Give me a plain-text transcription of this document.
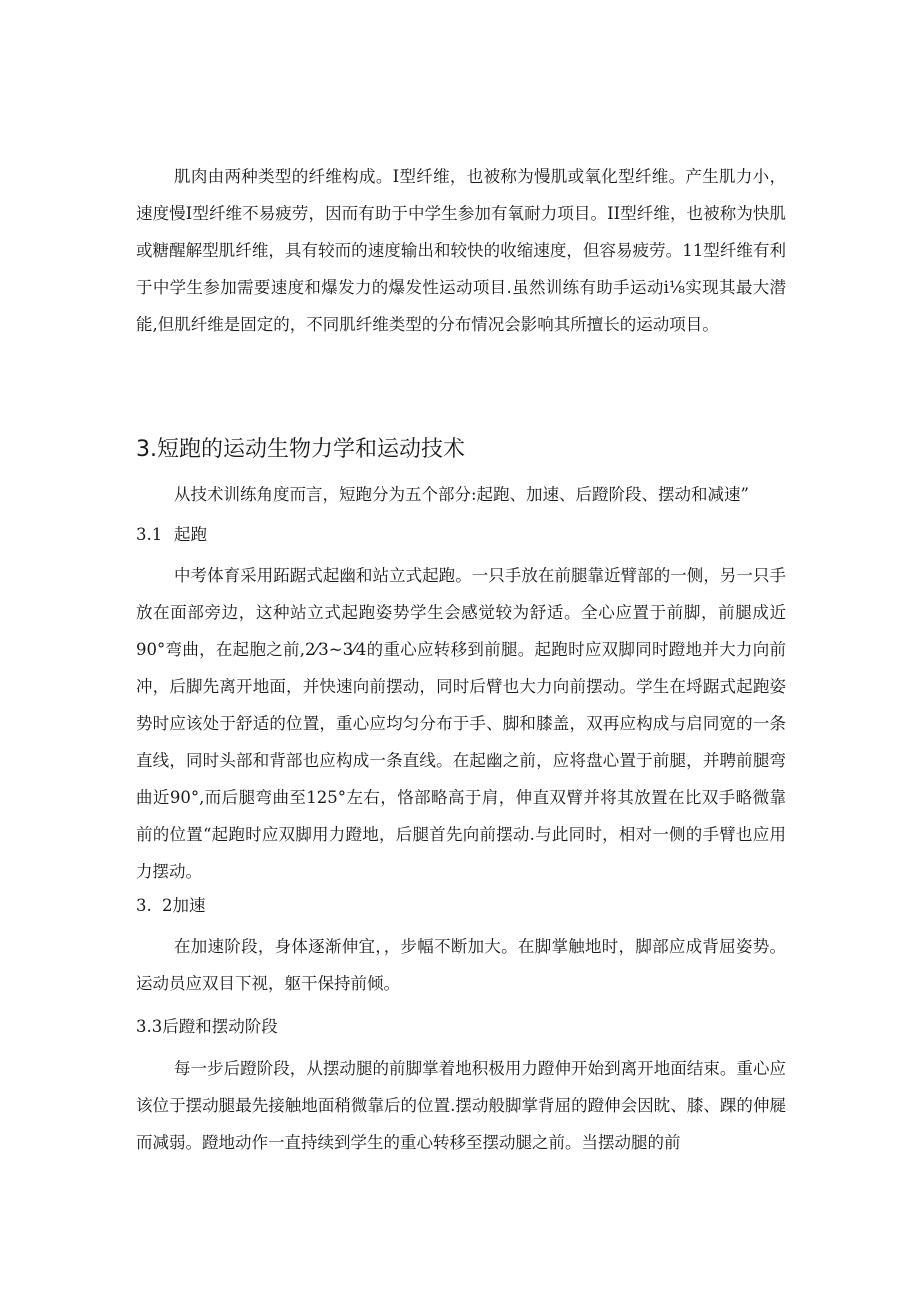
肌肉由两种类型的纤维构成。I型纤维，也被称为慢肌或氧化型纤维。产生肌力小，速度慢I型纤维不易疲劳，因而有助于中学生参加有氧耐力项目。II型纤维，也被称为快肌或糖醒解型肌纤维，具有较而的速度输出和较快的收缩速度，但容易疲劳。11型纤维有利于中学生参加需要速度和爆发力的爆发性运动项目.虽然训练有助手运动i⅛实现其最大潜能,但肌纤维是固定的，不同肌纤维类型的分布情况会影响其所擅长的运动项目。

3.短跑的运动生物力学和运动技术

从技术训练角度而言，短跑分为五个部分:起跑、加速、后蹬阶段、摆动和减速”

3.1 起跑

中考体育采用跖踞式起幽和站立式起跑。一只手放在前腿靠近臂部的一侧，另一只手放在面部旁边，这种站立式起跑姿势学生会感觉较为舒适。全心应置于前脚，前腿成近90°弯曲，在起胞之前,2⁄3~3⁄4的重心应转移到前腿。起跑时应双脚同时蹬地并大力向前冲，后脚先离开地面，并快速向前摆动，同时后臂也大力向前摆动。学生在埒踞式起跑姿势时应该处于舒适的位置，重心应均匀分布于手、脚和膝盖，双再应构成与启同宽的一条直线，同时头部和背部也应构成一条直线。在起幽之前，应将盘心置于前腿，并聘前腿弯曲近90°,而后腿弯曲至125°左右，恪部略高于肩，伸直双臂并将其放置在比双手略微靠前的位置“起跑时应双脚用力蹬地，后腿首先向前摆动.与此同时，相对一侧的手臂也应用力摆动。

3. 2加速

在加速阶段，身体逐渐伸宜，，步幅不断加大。在脚掌触地时，脚部应成背屈姿势。运动员应双目下视，躯干保持前倾。

3.3后蹬和摆动阶段

每一步后蹬阶段，从摆动腿的前脚掌着地积极用力蹬伸开始到离开地面结束。重心应该位于摆动腿最先接触地面稍微靠后的位置.摆动般脚掌背屈的蹬伸会因眈、膝、踝的伸屣而减弱。蹬地动作一直持续到学生的重心转移至摆动腿之前。当摆动腿的前
